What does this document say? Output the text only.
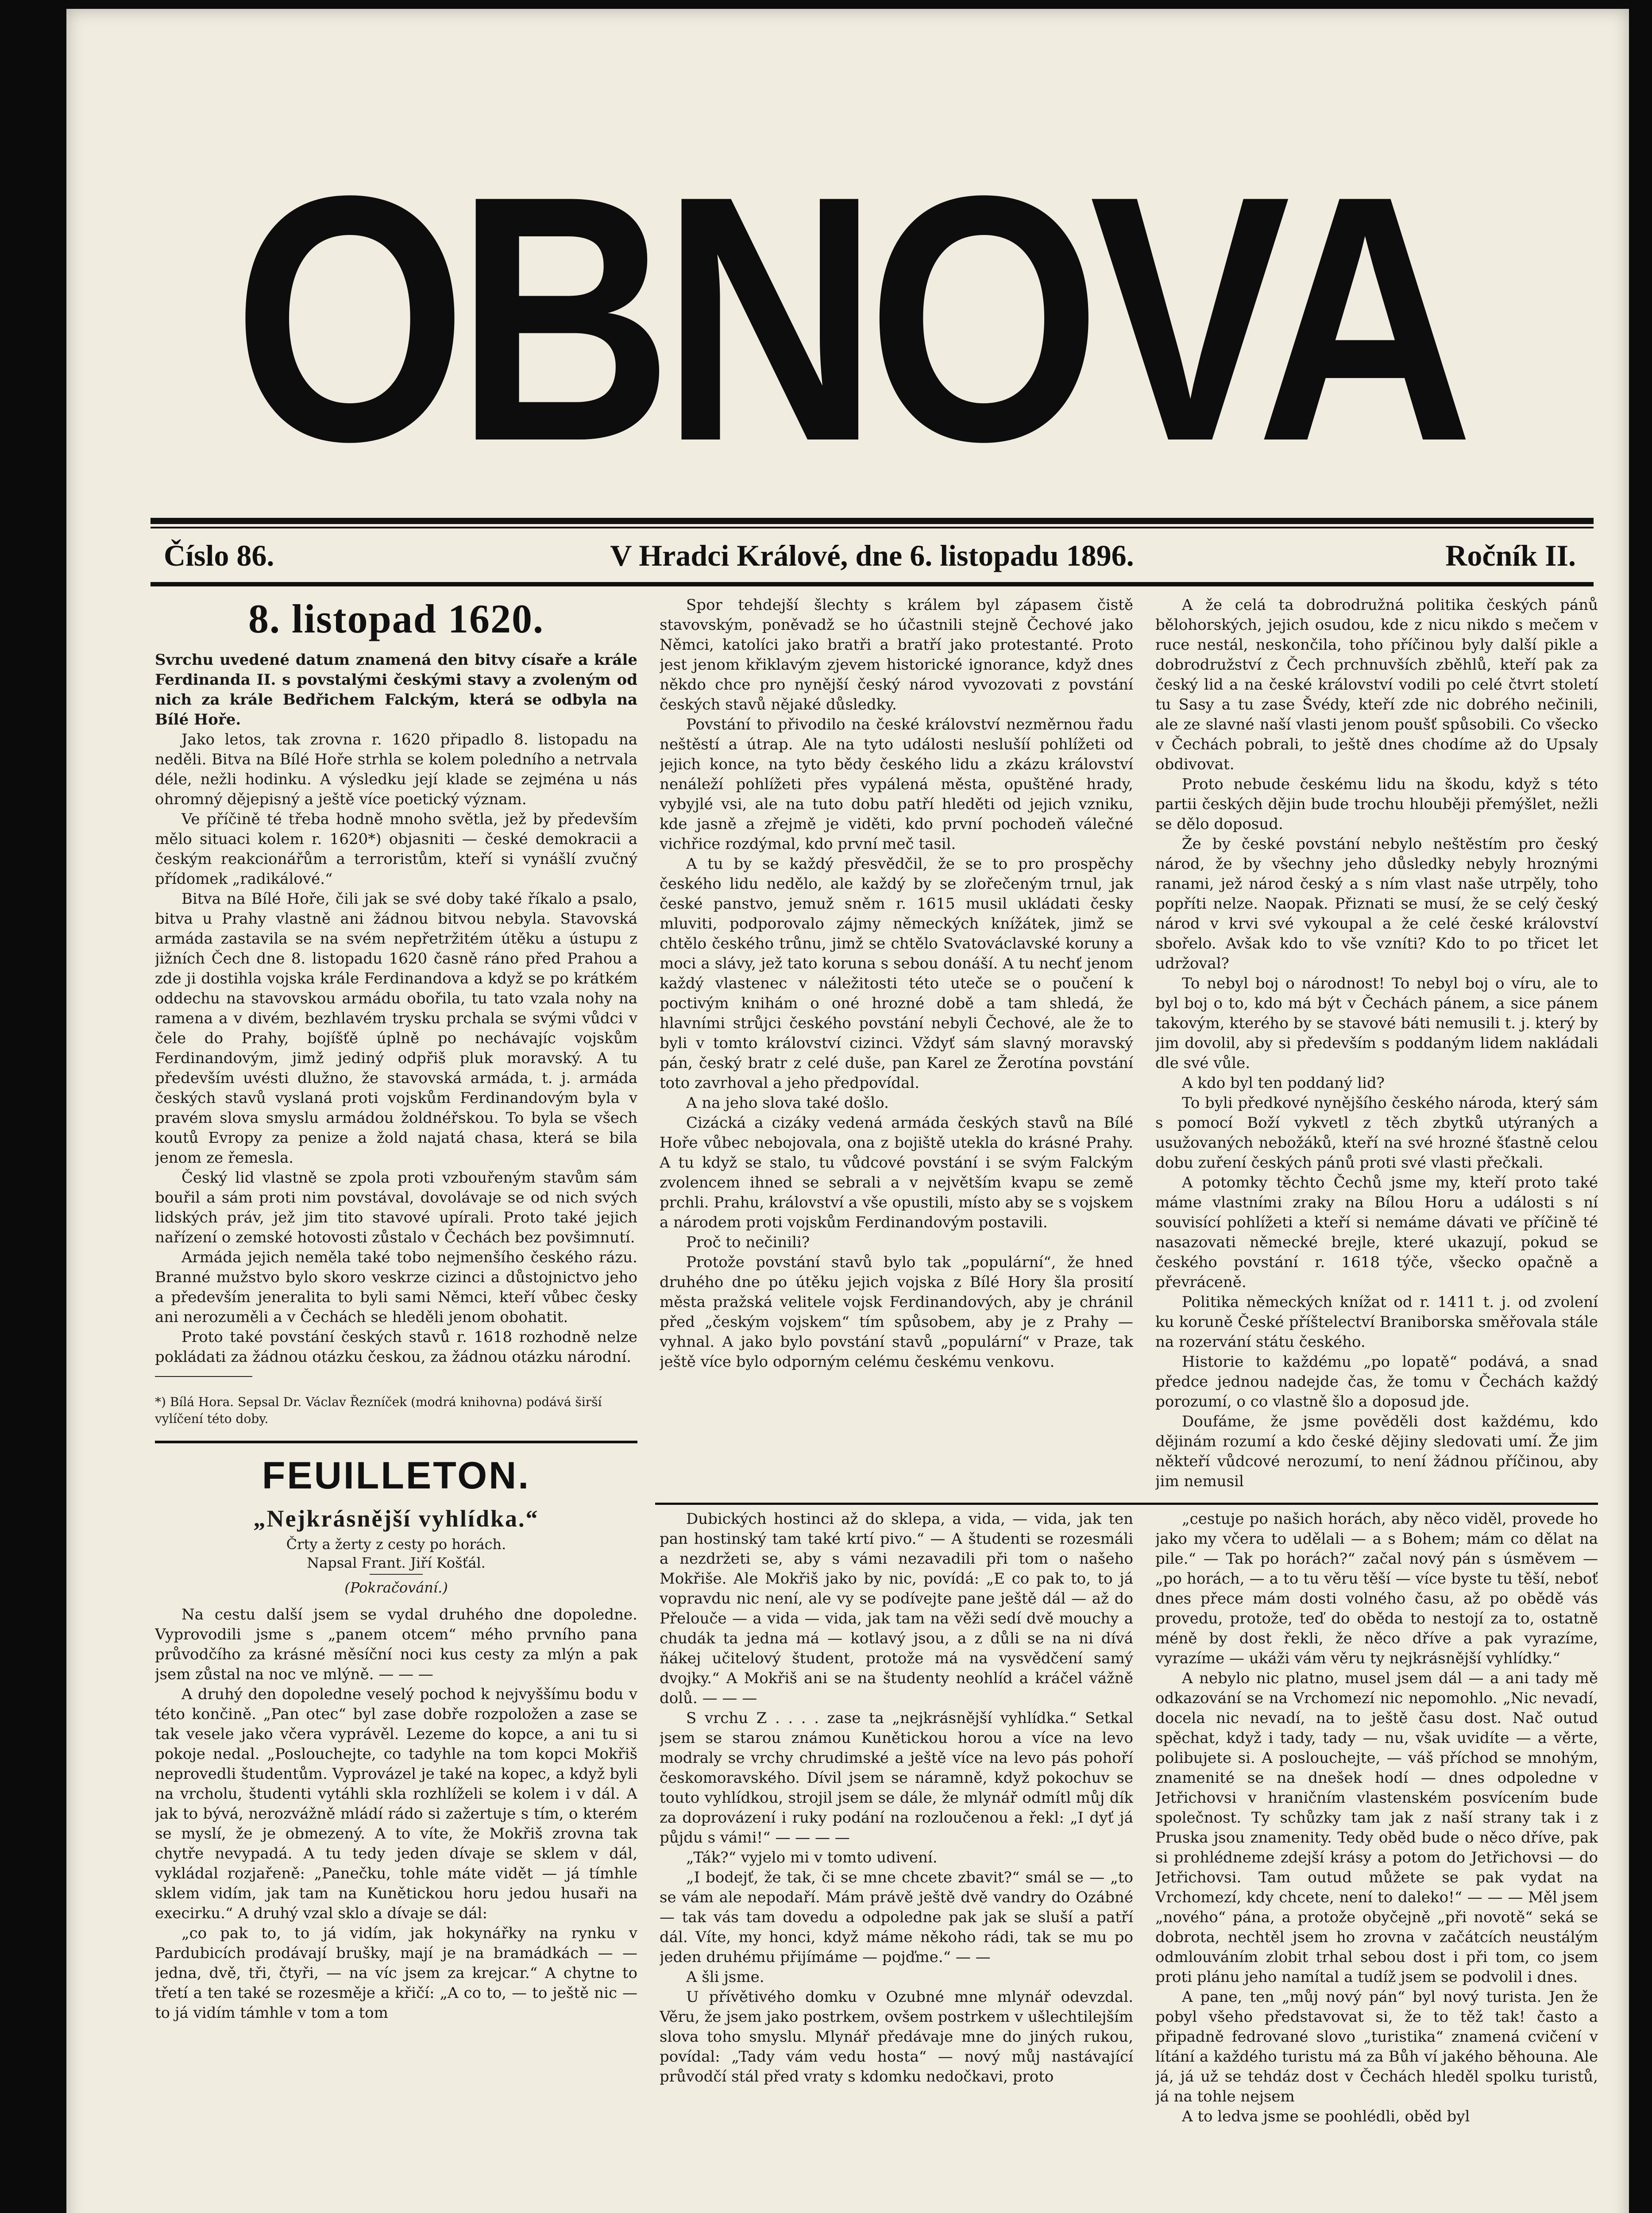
OBNOVA
Číslo 86.	V Hradci Králové, dne 6. listopadu 1896.	Ročník II.
8. listopad 1620.

Svrchu uvedené datum znamená den bitvy císaře a krále Ferdinanda II. s povstalými českými stavy a zvoleným od nich za krále Bedřichem Falckým, která se odbyla na Bílé Hoře.

Jako letos, tak zrovna r. 1620 připadlo 8. listopadu na neděli. Bitva na Bílé Hoře strhla se kolem poledního a netrvala déle, nežli hodinku. A výsledku její klade se zejména u nás ohromný dějepisný a ještě více poetický význam.

Ve příčině té třeba hodně mnoho světla, jež by především mělo situaci kolem r. 1620*) objasniti — české demokracii a českým reakcionářům a terroristům, kteří si vynášlí zvučný přídomek „radikálové.“

Bitva na Bílé Hoře, čili jak se své doby také říkalo a psalo, bitva u Prahy vlastně ani žádnou bitvou nebyla. Stavovská armáda zastavila se na svém nepřetržitém útěku a ústupu z jižních Čech dne 8. listopadu 1620 časně ráno před Prahou a zde ji dostihla vojska krále Ferdinandova a když se po krátkém oddechu na stavovskou armádu obořila, tu tato vzala nohy na ramena a v divém, bezhlavém trysku prchala se svými vůdci v čele do Prahy, bojíšťě úplně po nechávajíc vojskům Ferdinandovým, jimž jediný odpřiš pluk moravský. A tu především uvésti dlužno, že stavovská armáda, t. j. armáda českých stavů vyslaná proti vojskům Ferdinandovým byla v pravém slova smyslu armádou žoldnéřskou. To byla se všech koutů Evropy za penize a žold najatá chasa, která se bila jenom ze řemesla.

Český lid vlastně se zpola proti vzbouřeným stavům sám bouřil a sám proti nim povstával, dovolávaje se od nich svých lidských práv, jež jim tito stavové upírali. Proto také jejich nařízení o zemské hotovosti zůstalo v Čechách bez povšimnutí.

Armáda jejich neměla také tobo nejmenšího českého rázu. Branné mužstvo bylo skoro veskrze cizinci a důstojnictvo jeho a především jeneralita to byli sami Němci, kteří vůbec česky ani nerozuměli a v Čechách se hleděli jenom obohatit.

Proto také povstání českých stavů r. 1618 rozhodně nelze pokládati za žádnou otázku českou, za žádnou otázku národní.

*) Bílá Hora. Sepsal Dr. Václav Řezníček (modrá knihovna) podává širší vylíčení této doby.

FEUILLETON.
„Nejkrásnější vyhlídka.“
Črty a žerty z cesty po horách.
Napsal Frant. Jiří Košťál.
(Pokračování.)

Na cestu další jsem se vydal druhého dne dopoledne. Vyprovodili jsme s „panem otcem“ mého prvního pana průvodčího za krásné měsíční noci kus cesty za mlýn a pak jsem zůstal na noc ve mlýně. — — —

A druhý den dopoledne veselý pochod k nejvyššímu bodu v této končině. „Pan otec“ byl zase dobře rozpoložen a zase se tak vesele jako včera vyprávěl. Lezeme do kopce, a ani tu si pokoje nedal. „Poslouchejte, co tadyhle na tom kopci Mokřiš neprovedli študentům. Vyprovázel je také na kopec, a když byli na vrcholu, študenti vytáhli skla rozhlíželi se kolem i v dál. A jak to bývá, nerozvážně mládí rádo si zažertuje s tím, o kterém se myslí, že je obmezený. A to víte, že Mokřiš zrovna tak chytře nevypadá. A tu tedy jeden dívaje se sklem v dál, vykládal rozjařeně: „Panečku, tohle máte vidět — já tímhle sklem vidím, jak tam na Kunětickou horu jedou husaři na execirku.“ A druhý vzal sklo a dívaje se dál:

„co pak to, to já vidím, jak hokynářky na rynku v Pardubicích prodávají brušky, mají je na bramádkách — — jedna, dvě, tři, čtyři, — na víc jsem za krejcar.“ A chytne to třetí a ten také se rozesměje a křičí: „A co to, — to ještě nic — to já vidím támhle v tom a tom

Spor tehdejší šlechty s králem byl zápasem čistě stavovským, poněvadž se ho účastnili stejně Čechové jako Němci, katolíci jako bratři a bratří jako protestanté. Proto jest jenom křiklavým zjevem historické ignorance, když dnes někdo chce pro nynější český národ vyvozovati z povstání českých stavů nějaké důsledky.

Povstání to přivodilo na české království nezměrnou řadu neštěstí a útrap. Ale na tyto události neslušíí pohlížeti od jejich konce, na tyto bědy českého lidu a zkázu království nenáleží pohlížeti přes vypálená města, opuštěné hrady, vybyjlé vsi, ale na tuto dobu patří hleděti od jejich vzniku, kde jasně a zřejmě je viděti, kdo první pochodeň válečné vichřice rozdýmal, kdo první meč tasil.

A tu by se každý přesvědčil, že se to pro prospěchy českého lidu nedělo, ale každý by se zlořečeným trnul, jak české panstvo, jemuž sněm r. 1615 musil ukládati česky mluviti, podporovalo zájmy německých knížátek, jimž se chtělo českého trůnu, jimž se chtělo Svatováclavské koruny a moci a slávy, jež tato koruna s sebou donáší. A tu nechť jenom každý vlastenec v náležitosti této uteče se o poučení k poctivým knihám o oné hrozné době a tam shledá, že hlavními strůjci českého povstání nebyli Čechové, ale že to byli v tomto království cizinci. Vždyť sám slavný moravský pán, český bratr z celé duše, pan Karel ze Žerotína povstání toto zavrhoval a jeho předpovídal.

A na jeho slova také došlo.

Cizácká a cizáky vedená armáda českých stavů na Bílé Hoře vůbec nebojovala, ona z bojiště utekla do krásné Prahy. A tu když se stalo, tu vůdcové povstání i se svým Falckým zvolencem ihned se sebrali a v největším kvapu se země prchli. Prahu, království a vše opustili, místo aby se s vojskem a národem proti vojskům Ferdinandovým postavili.

Proč to nečinili?

Protože povstání stavů bylo tak „populární“, že hned druhého dne po útěku jejich vojska z Bílé Hory šla prosití města pražská velitele vojsk Ferdinandových, aby je chránil před „českým vojskem“ tím spůsobem, aby je z Prahy — vyhnal. A jako bylo povstání stavů „populární“ v Praze, tak ještě více bylo odporným celému českému venkovu.

A že celá ta dobrodružná politika českých pánů bělohorských, jejich osudou, kde z nicu nikdo s mečem v ruce nestál, neskončila, toho příčinou byly další pikle a dobrodružství z Čech prchnuvších zběhlů, kteří pak za český lid a na české království vodili po celé čtvrt století tu Sasy a tu zase Švédy, kteří zde nic dobrého nečinili, ale ze slavné naší vlasti jenom poušť spůsobili. Co všecko v Čechách pobrali, to ještě dnes chodíme až do Upsaly obdivovat.

Proto nebude českému lidu na škodu, když s této partii českých dějin bude trochu hlouběji přemýšlet, nežli se dělo doposud.

Že by české povstání nebylo neštěstím pro český národ, že by všechny jeho důsledky nebyly hroznými ranami, jež národ český a s ním vlast naše utrpěly, toho popříti nelze. Naopak. Přiznati se musí, že se celý český národ v krvi své vykoupal a že celé české království sbořelo. Avšak kdo to vše vzníti? Kdo to po třicet let udržoval?

To nebyl boj o národnost! To nebyl boj o víru, ale to byl boj o to, kdo má být v Čechách pánem, a sice pánem takovým, kterého by se stavové báti nemusili t. j. který by jim dovolil, aby si především s poddaným lidem nakládali dle své vůle.

A kdo byl ten poddaný lid?

To byli předkové nynějšího českého národa, který sám s pomocí Boží vykvetl z těch zbytků utýraných a usužovaných nebožáků, kteří na své hrozné šťastně celou dobu zuření českých pánů proti své vlasti přečkali.

A potomky těchto Čechů jsme my, kteří proto také máme vlastními zraky na Bílou Horu a události s ní souvisící pohlížeti a kteří si nemáme dávati ve příčině té nasazovati německé brejle, které ukazují, pokud se českého povstání r. 1618 týče, všecko opačně a převráceně.

Politika německých knížat od r. 1411 t. j. od zvolení ku koruně České příštelectví Braniborska směřovala stále na rozervání státu českého.

Historie to každému „po lopatě“ podává, a snad předce jednou nadejde čas, že tomu v Čechách každý porozumí, o co vlastně šlo a doposud jde.

Doufáme, že jsme pověděli dost každému, kdo dějinám rozumí a kdo české dějiny sledovati umí. Že jim někteří vůdcové nerozumí, to není žádnou příčinou, aby jim nemusil

Dubických hostinci až do sklepa, a vida, — vida, jak ten pan hostinský tam také krtí pivo.“ — A študenti se rozesmáli a nezdržeti se, aby s vámi nezavadili při tom o našeho Mokřiše. Ale Mokřiš jako by nic, povídá: „E co pak to, to já vopravdu nic není, ale vy se podívejte pane ještě dál — až do Přelouče — a vida — vida, jak tam na věži sedí dvě mouchy a chudák ta jedna má — kotlavý jsou, a z důli se na ni dívá ňákej učitelový študent, protože má na vysvědčení samý dvojky.“ A Mokřiš ani se na študenty neohlíd a kráčel vážně dolů. — — —

S vrchu Z . . . . zase ta „nejkrásnější vyhlídka.“ Setkal jsem se starou známou Kunětickou horou a více na levo modraly se vrchy chrudimské a ještě více na levo pás pohoří českomoravského. Dívil jsem se náramně, když pokochuv se touto vyhlídkou, strojil jsem se dále, že mlynář odmítl můj dík za doprovázení i ruky podání na rozloučenou a řekl: „I dyť já půjdu s vámi!“ — — — —

„Ták?“ vyjelo mi v tomto udivení.

„I bodejť, že tak, či se mne chcete zbavit?“ smál se — „to se vám ale nepodaří. Mám právě ještě dvě vandry do Ozábné — tak vás tam dovedu a odpoledne pak jak se sluší a patří dál. Víte, my honci, když máme někoho rádi, tak se mu po jeden druhému přijímáme — pojďme.“ — —

A šli jsme.

U přívětivého domku v Ozubné mne mlynář odevzdal. Věru, že jsem jako postrkem, ovšem postrkem v ušlechtilejším slova toho smyslu. Mlynář předávaje mne do jiných rukou, povídal: „Tady vám vedu hosta“ — nový můj nastávající průvodčí stál před vraty s kdomku nedočkavi, proto

„cestuje po našich horách, aby něco viděl, provede ho jako my včera to udělali — a s Bohem; mám co dělat na pile.“ — Tak po horách?“ začal nový pán s úsměvem — „po horách, — a to tu věru těší — více byste tu těší, neboť dnes přece mám dosti volného času, až po obědě vás provedu, protože, teď do oběda to nestojí za to, ostatně méně by dost řekli, že něco dříve a pak vyrazíme, vyrazíme — ukáži vám věru ty nejkrásnější vyhlídky.“

A nebylo nic platno, musel jsem dál — a ani tady mě odkazování se na Vrchomezí nic nepomohlo. „Nic nevadí, docela nic nevadí, na to ještě času dost. Nač outud spěchat, když i tady, tady — nu, však uvidíte — a věrte, polibujete si. A poslouchejte, — váš příchod se mnohým, znamenité se na dnešek hodí — dnes odpoledne v Jetřichovsi v hraničním vlastenském posvícením bude společnost. Ty schůzky tam jak z naší strany tak i z Pruska jsou znamenity. Tedy oběd bude o něco dříve, pak si prohlédneme zdejší krásy a potom do Jetřichovsi — do Jetřichovsi. Tam outud můžete se pak vydat na Vrchomezí, kdy chcete, není to daleko!“ — — — Měl jsem „nového“ pána, a protože obyčejně „při novotě“ seká se dobrota, nechtěl jsem ho zrovna v začátcích neustálým odmlouváním zlobit trhal sebou dost i při tom, co jsem proti plánu jeho namítal a tudíž jsem se podvolil i dnes.

A pane, ten „můj nový pán“ byl nový turista. Jen že pobyl všeho představovat si, že to těž tak! často a připadně fedrované slovo „turistika“ znamená cvičení v lítání a každého turistu má za Bůh ví jakého běhouna. Ale já, já už se tehdáz dost v Čechách hleděl spolku turistů, já na tohle nejsem

A to ledva jsme se poohlédli, oběd byl
